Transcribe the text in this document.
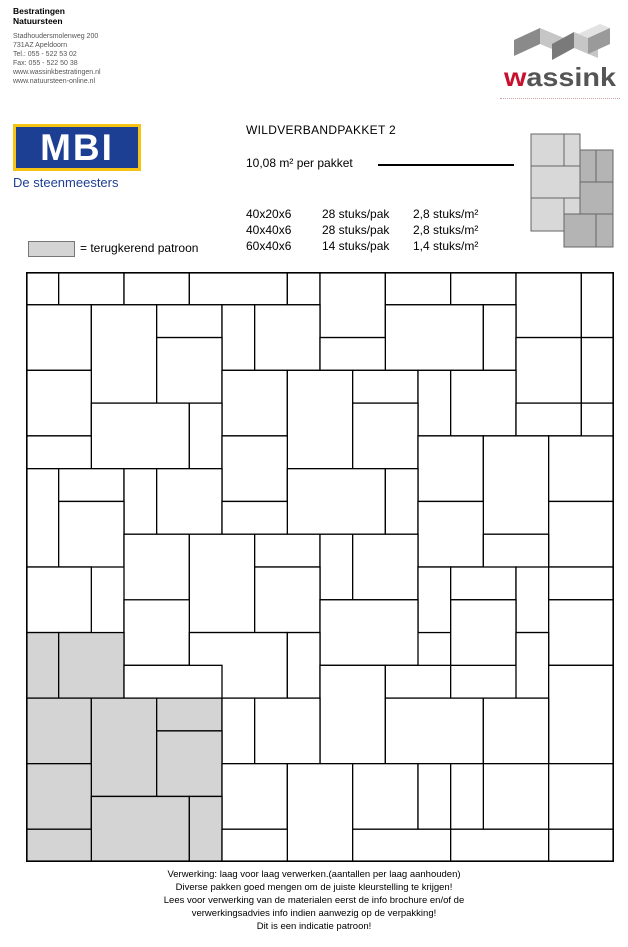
Bestratingen
Natuursteen
Stadhoudersmolenweg 200
731AZ Apeldoorn
Tel.: 055 - 522 53 02
Fax: 055 - 522 50 38
www.wassinkbestratingen.nl
www.natuursteen-online.nl	wassink
MBI
De steenmeesters
WILDVERBANDPAKKET 2
10,08 m² per pakket
40x20x6	28 stuks/pak 2,8 stuks/m²
40x40x6	28 stuks/pak 2,8 stuks/m²
60x40x6	14 stuks/pak 1,4 stuks/m²
= terugkerend patroon
Verwerking: laag voor laag verwerken.(aantallen per laag aanhouden)
Diverse pakken goed mengen om de juiste kleurstelling te krijgen!
Lees voor verwerking van de materialen eerst de info brochure en/of de
verwerkingsadvies info indien aanwezig op de verpakking!
Dit is een indicatie patroon!
